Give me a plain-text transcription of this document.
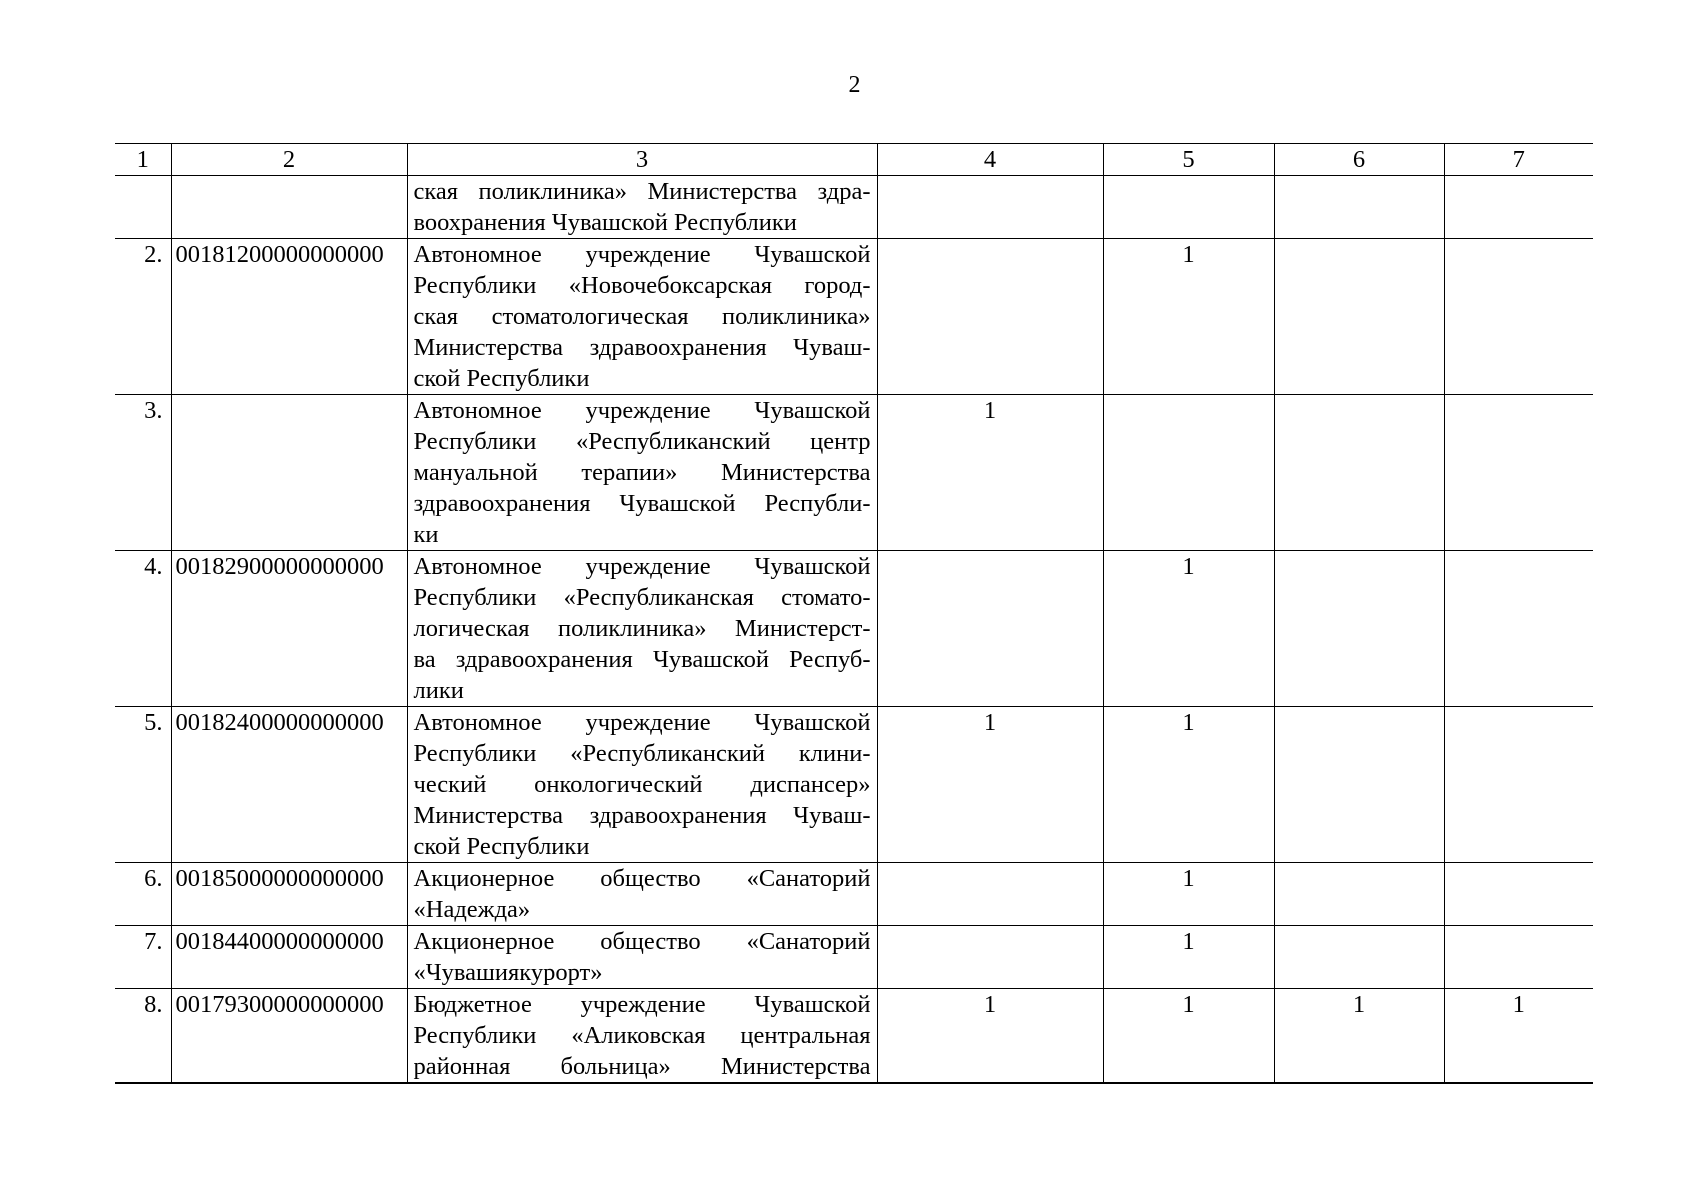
2
1	2	3	4	5	6	7

		ская поликлиника» Министерства здра-
воохранения Чувашской Республики				

2.	00181200000000000	Автономное учреждение Чувашской
Республики «Новочебоксарская город-
ская стоматологическая поликлиника»
Министерства здравоохранения Чуваш-
ской Республики		1		
3.		Автономное учреждение Чувашской
Республики «Республиканский центр
мануальной терапии» Министерства
здравоохранения Чувашской Республи-
ки	1			
4.	00182900000000000	Автономное учреждение Чувашской
Республики «Республиканская стомато-
логическая поликлиника» Министерст-
ва здравоохранения Чувашской Респуб-
лики		1		
5.	00182400000000000	Автономное учреждение Чувашской
Республики «Республиканский клини-
ческий онкологический диспансер»
Министерства здравоохранения Чуваш-
ской Республики	1	1		
6.	00185000000000000	Акционерное общество «Санаторий
«Надежда»		1		
7.	00184400000000000	Акционерное общество «Санаторий
«Чувашиякурорт»		1		
8.	00179300000000000	Бюджетное учреждение Чувашской
Республики «Аликовская центральная
районная больница» Министерства	1	1	1	1
